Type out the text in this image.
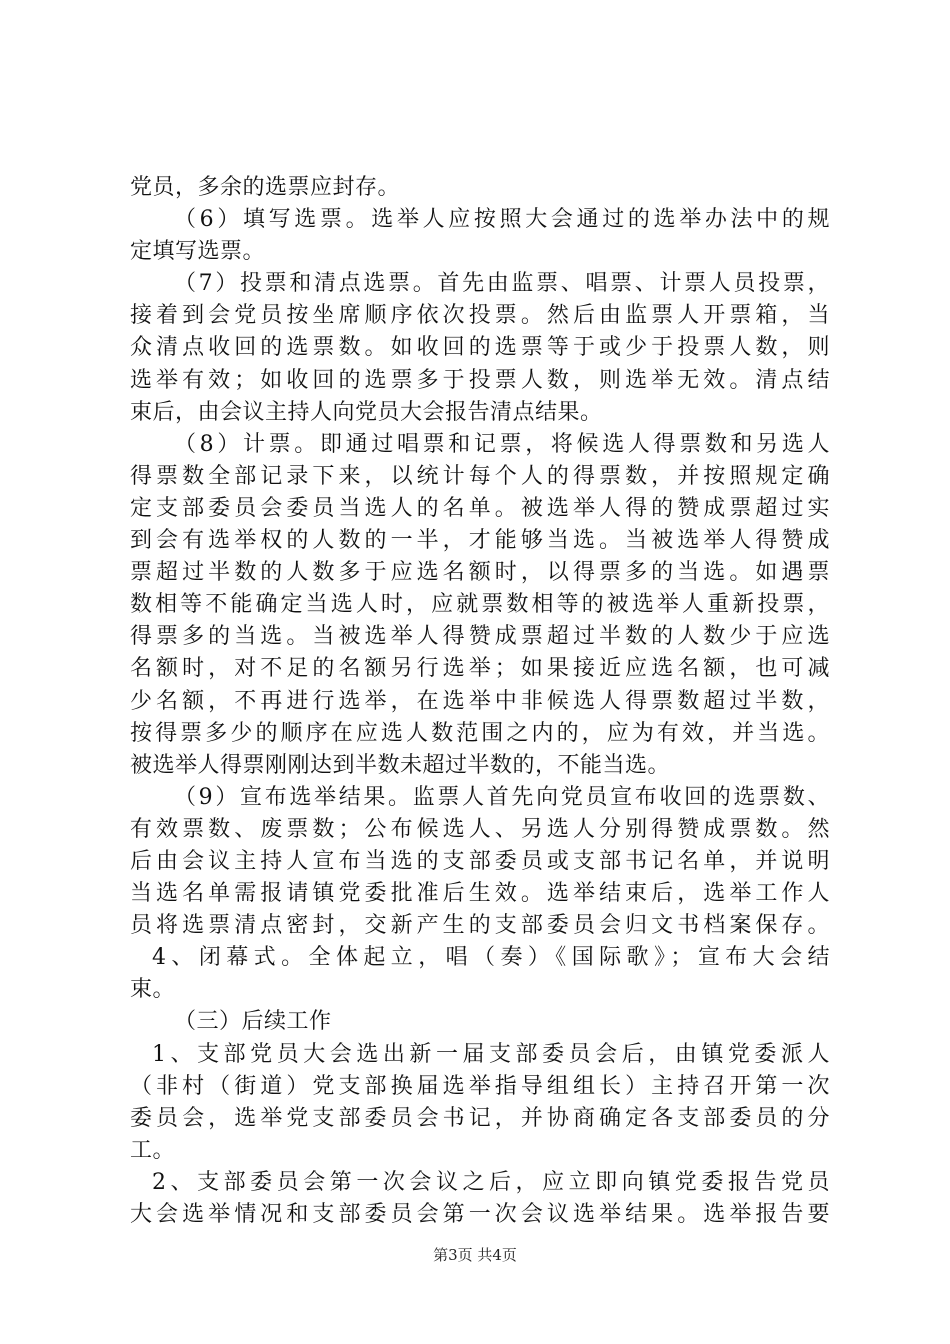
党员，多余的选票应封存。
（6）填写选票。选举人应按照大会通过的选举办法中的规
定填写选票。
（7）投票和清点选票。首先由监票、唱票、计票人员投票，
接着到会党员按坐席顺序依次投票。然后由监票人开票箱，当
众清点收回的选票数。如收回的选票等于或少于投票人数，则
选举有效；如收回的选票多于投票人数，则选举无效。清点结
束后，由会议主持人向党员大会报告清点结果。
（8）计票。即通过唱票和记票，将候选人得票数和另选人
得票数全部记录下来，以统计每个人的得票数，并按照规定确
定支部委员会委员当选人的名单。被选举人得的赞成票超过实
到会有选举权的人数的一半，才能够当选。当被选举人得赞成
票超过半数的人数多于应选名额时，以得票多的当选。如遇票
数相等不能确定当选人时，应就票数相等的被选举人重新投票，
得票多的当选。当被选举人得赞成票超过半数的人数少于应选
名额时，对不足的名额另行选举；如果接近应选名额，也可减
少名额，不再进行选举，在选举中非候选人得票数超过半数，
按得票多少的顺序在应选人数范围之内的，应为有效，并当选。
被选举人得票刚刚达到半数未超过半数的，不能当选。
（9）宣布选举结果。监票人首先向党员宣布收回的选票数、
有效票数、废票数；公布候选人、另选人分别得赞成票数。然
后由会议主持人宣布当选的支部委员或支部书记名单，并说明
当选名单需报请镇党委批准后生效。选举结束后，选举工作人
员将选票清点密封，交新产生的支部委员会归文书档案保存。
4、闭幕式。全体起立，唱（奏）《国际歌》；宣布大会结
束。
（三）后续工作
1、支部党员大会选出新一届支部委员会后，由镇党委派人
（非村（街道）党支部换届选举指导组组长）主持召开第一次
委员会，选举党支部委员会书记，并协商确定各支部委员的分
工。
2、支部委员会第一次会议之后，应立即向镇党委报告党员
大会选举情况和支部委员会第一次会议选举结果。选举报告要
第3页 共4页
